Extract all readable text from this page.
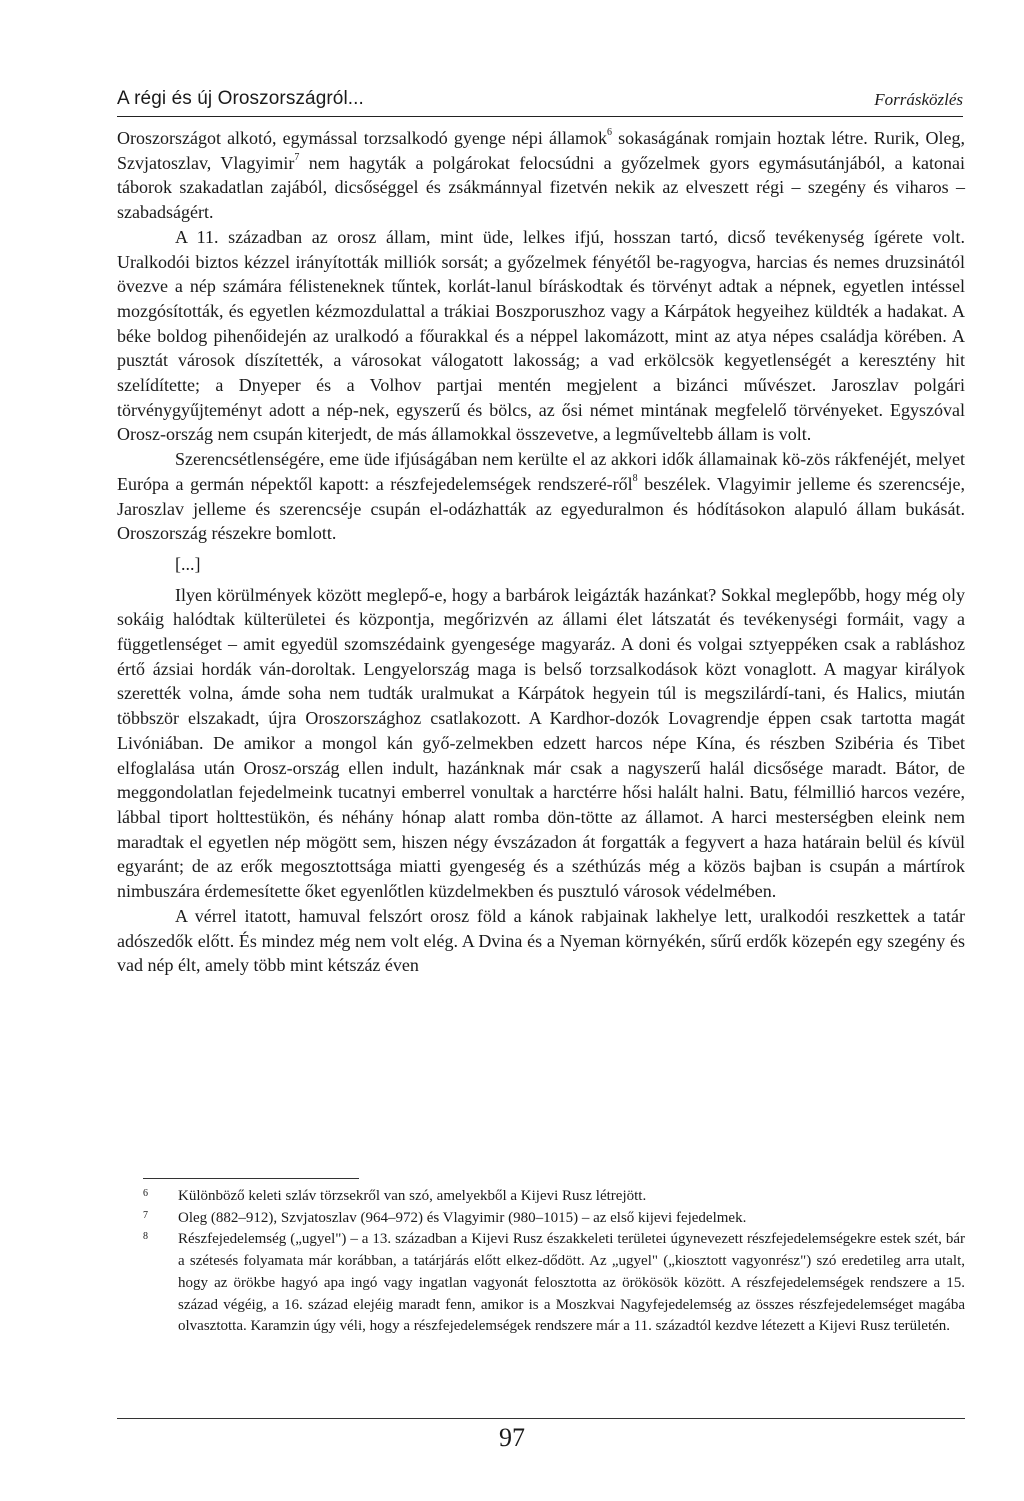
A régi és új Oroszországról...	Forrásközlés

Oroszországot alkotó, egymással torzsalkodó gyenge népi államok$^6$ sokaságának romjain hoztak létre. Rurik, Oleg, Szvjatoszlav, Vlagyimir$^7$ nem hagyták a polgárokat felocsúdni a győzelmek gyors egymásutánjából, a katonai táborok szakadatlan zajából, dicsőséggel és zsákmánnyal fizetvén nekik az elveszett régi – szegény és viharos – szabadságért.

A 11. században az orosz állam, mint üde, lelkes ifjú, hosszan tartó, dicső tevékenység ígérete volt. Uralkodói biztos kézzel irányították milliók sorsát; a győzelmek fényétől be-ragyogva, harcias és nemes druzsinától övezve a nép számára félisteneknek tűntek, korlát-lanul bíráskodtak és törvényt adtak a népnek, egyetlen intéssel mozgósították, és egyetlen kézmozdulattal a trákiai Boszporuszhoz vagy a Kárpátok hegyeihez küldték a hadakat. A béke boldog pihenőidején az uralkodó a főurakkal és a néppel lakomázott, mint az atya népes családja körében. A pusztát városok díszítették, a városokat válogatott lakosság; a vad erkölcsök kegyetlenségét a keresztény hit szelídítette; a Dnyeper és a Volhov partjai mentén megjelent a bizánci művészet. Jaroszlav polgári törvénygyűjteményt adott a nép-nek, egyszerű és bölcs, az ősi német mintának megfelelő törvényeket. Egyszóval Orosz-ország nem csupán kiterjedt, de más államokkal összevetve, a legműveltebb állam is volt.

Szerencsétlenségére, eme üde ifjúságában nem kerülte el az akkori idők államainak kö-zös rákfenéjét, melyet Európa a germán népektől kapott: a részfejedelemségek rendszeré-ről$^8$ beszélek. Vlagyimir jelleme és szerencséje, Jaroszlav jelleme és szerencséje csupán el-odázhatták az egyeduralmon és hódításokon alapuló állam bukását. Oroszország részekre bomlott.

[...]

Ilyen körülmények között meglepő-e, hogy a barbárok leigázták hazánkat? Sokkal meglepőbb, hogy még oly sokáig halódtak külterületei és központja, megőrizvén az állami élet látszatát és tevékenységi formáit, vagy a függetlenséget – amit egyedül szomszédaink gyengesége magyaráz. A doni és volgai sztyeppéken csak a rabláshoz értő ázsiai hordák ván-doroltak. Lengyelország maga is belső torzsalkodások közt vonaglott. A magyar királyok szerették volna, ámde soha nem tudták uralmukat a Kárpátok hegyein túl is megszilárdí-tani, és Halics, miután többször elszakadt, újra Oroszországhoz csatlakozott. A Kardhor-dozók Lovagrendje éppen csak tartotta magát Livóniában. De amikor a mongol kán győ-zelmekben edzett harcos népe Kína, és részben Szibéria és Tibet elfoglalása után Orosz-ország ellen indult, hazánknak már csak a nagyszerű halál dicsősége maradt. Bátor, de meggondolatlan fejedelmeink tucatnyi emberrel vonultak a harctérre hősi halált halni. Batu, félmillió harcos vezére, lábbal tiport holttestükön, és néhány hónap alatt romba dön-tötte az államot. A harci mesterségben eleink nem maradtak el egyetlen nép mögött sem, hiszen négy évszázadon át forgatták a fegyvert a haza határain belül és kívül egyaránt; de az erők megosztottsága miatti gyengeség és a széthúzás még a közös bajban is csupán a mártírok nimbuszára érdemesítette őket egyenlőtlen küzdelmekben és pusztuló városok védelmében.

A vérrel itatott, hamuval felszórt orosz föld a kánok rabjainak lakhelye lett, uralkodói reszkettek a tatár adószedők előtt. És mindez még nem volt elég. A Dvina és a Nyeman környékén, sűrű erdők közepén egy szegény és vad nép élt, amely több mint kétszáz éven

6 Különböző keleti szláv törzsekről van szó, amelyekből a Kijevi Rusz létrejött.

7 Oleg (882–912), Szvjatoszlav (964–972) és Vlagyimir (980–1015) – az első kijevi fejedelmek.

8 Részfejedelemség („ugyel") – a 13. században a Kijevi Rusz északkeleti területei úgynevezett részfejedelemségekre estek szét, bár a szétesés folyamata már korábban, a tatárjárás előtt elkez-dődött. Az „ugyel" („kiosztott vagyonrész") szó eredetileg arra utalt, hogy az örökbe hagyó apa ingó vagy ingatlan vagyonát felosztotta az örökösök között. A részfejedelemségek rendszere a 15. század végéig, a 16. század elejéig maradt fenn, amikor is a Moszkvai Nagyfejedelemség az összes részfejedelemséget magába olvasztotta. Karamzin úgy véli, hogy a részfejedelemségek rendszere már a 11. századtól kezdve létezett a Kijevi Rusz területén.

97
